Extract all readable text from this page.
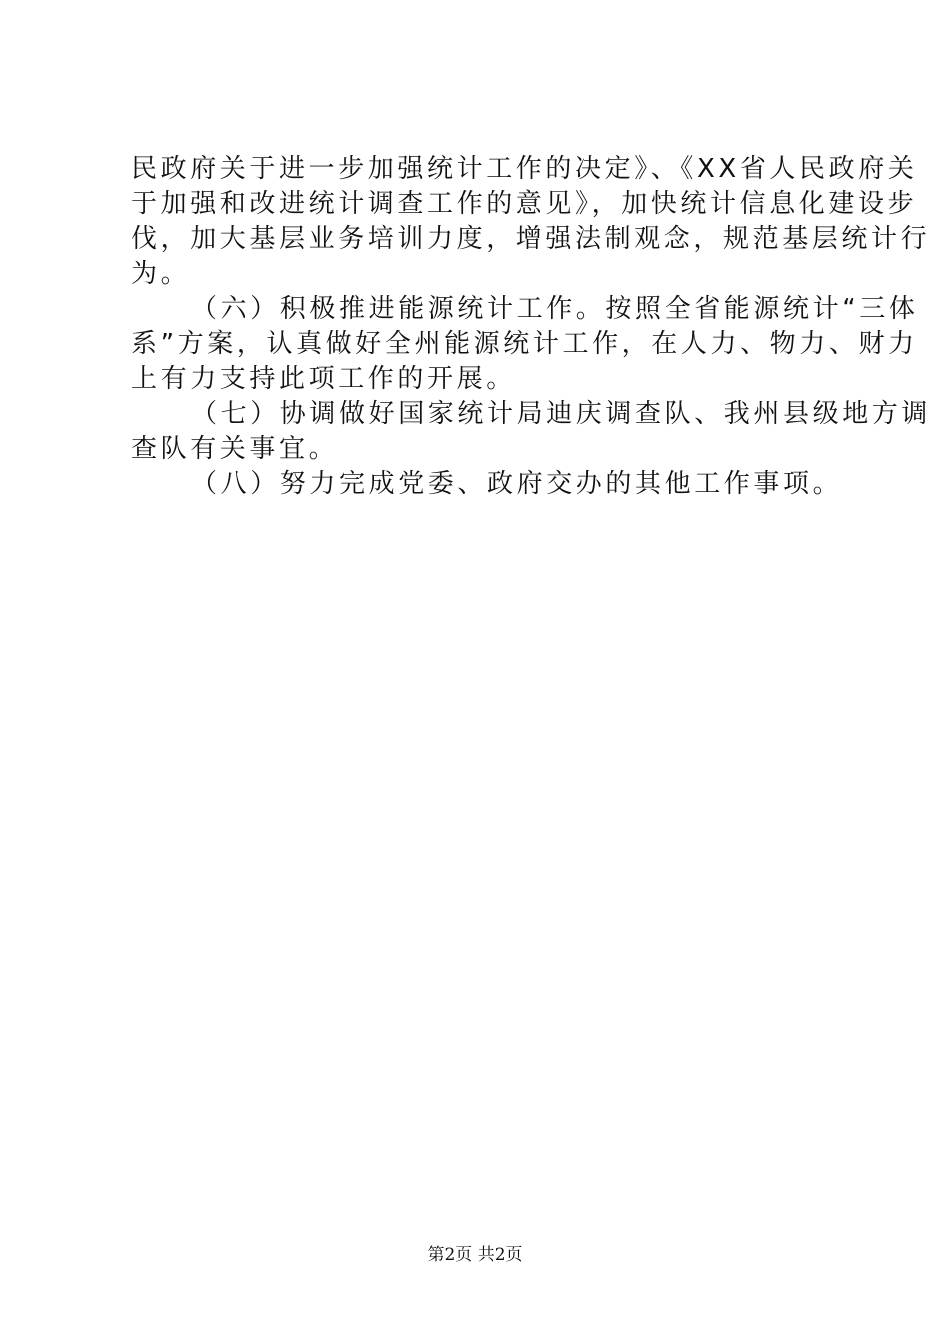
民政府关于进一步加强统计工作的决定》、《XX省人民政府关
于加强和改进统计调查工作的意见》，加快统计信息化建设步
伐，加大基层业务培训力度，增强法制观念，规范基层统计行
为。
（六）积极推进能源统计工作。按照全省能源统计“三体
系”方案，认真做好全州能源统计工作，在人力、物力、财力
上有力支持此项工作的开展。
（七）协调做好国家统计局迪庆调查队、我州县级地方调
查队有关事宜。
（八）努力完成党委、政府交办的其他工作事项。
第2页 共2页
